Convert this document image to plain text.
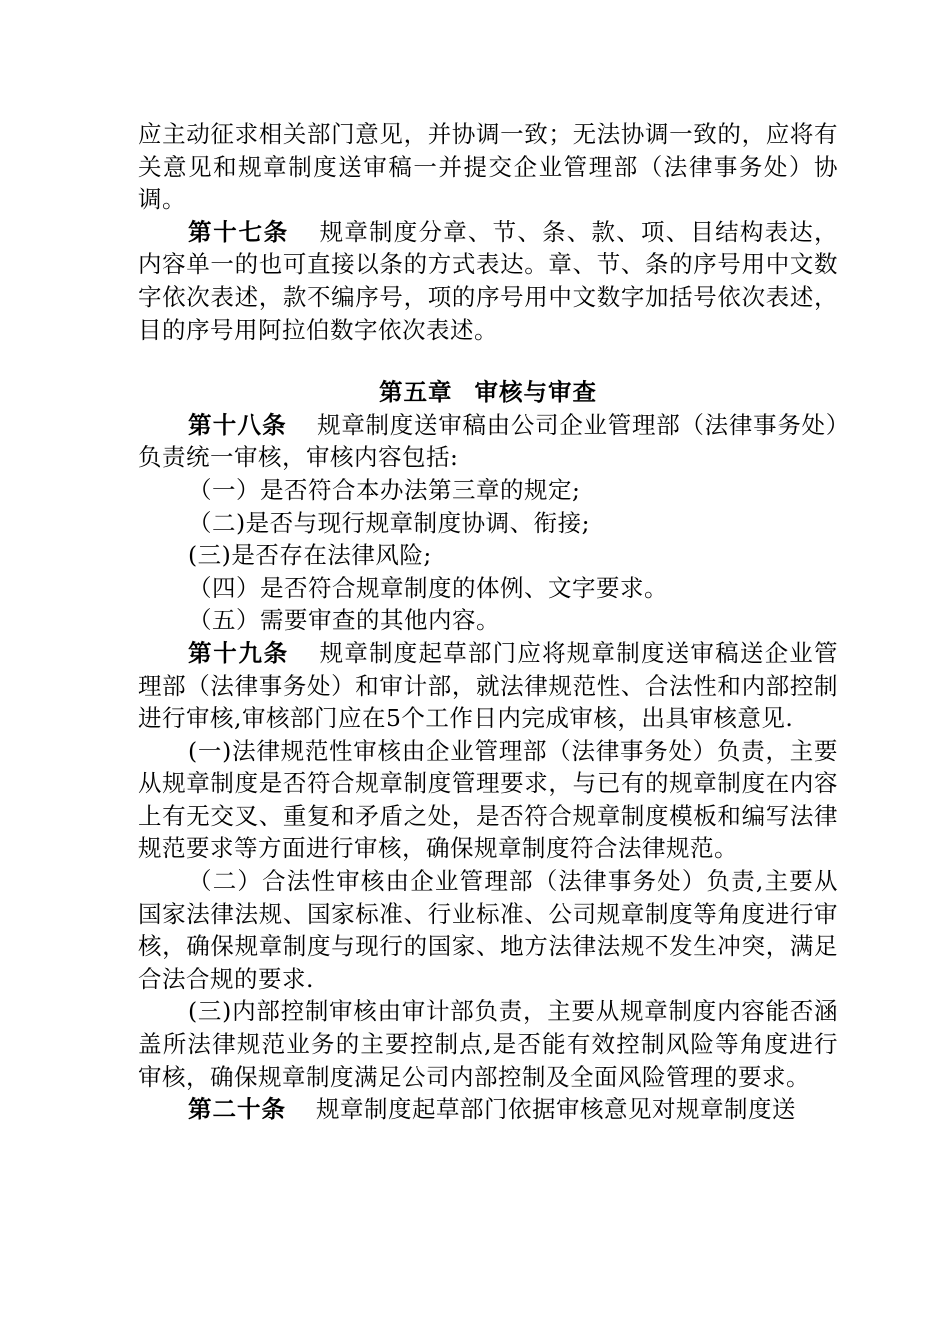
应主动征求相关部门意见，并协调一致；无法协调一致的，应将有关意见和规章制度送审稿一并提交企业管理部（法律事务处）协调。

第十七条 规章制度分章、节、条、款、项、目结构表达，内容单一的也可直接以条的方式表达。章、节、条的序号用中文数字依次表述，款不编序号，项的序号用中文数字加括号依次表述，目的序号用阿拉伯数字依次表述。

第五章 审核与审查

第十八条 规章制度送审稿由公司企业管理部（法律事务处）负责统一审核，审核内容包括:

（一）是否符合本办法第三章的规定;

（二)是否与现行规章制度协调、衔接;

(三)是否存在法律风险;

（四）是否符合规章制度的体例、文字要求。

（五）需要审查的其他内容。

第十九条 规章制度起草部门应将规章制度送审稿送企业管理部（法律事务处）和审计部，就法律规范性、合法性和内部控制进行审核,审核部门应在5个工作日内完成审核，出具审核意见.

(一)法律规范性审核由企业管理部（法律事务处）负责，主要从规章制度是否符合规章制度管理要求，与已有的规章制度在内容上有无交叉、重复和矛盾之处，是否符合规章制度模板和编写法律规范要求等方面进行审核，确保规章制度符合法律规范。

（二）合法性审核由企业管理部（法律事务处）负责,主要从国家法律法规、国家标准、行业标准、公司规章制度等角度进行审核，确保规章制度与现行的国家、地方法律法规不发生冲突，满足合法合规的要求.

(三)内部控制审核由审计部负责，主要从规章制度内容能否涵盖所法律规范业务的主要控制点,是否能有效控制风险等角度进行审核，确保规章制度满足公司内部控制及全面风险管理的要求。

第二十条 规章制度起草部门依据审核意见对规章制度送
